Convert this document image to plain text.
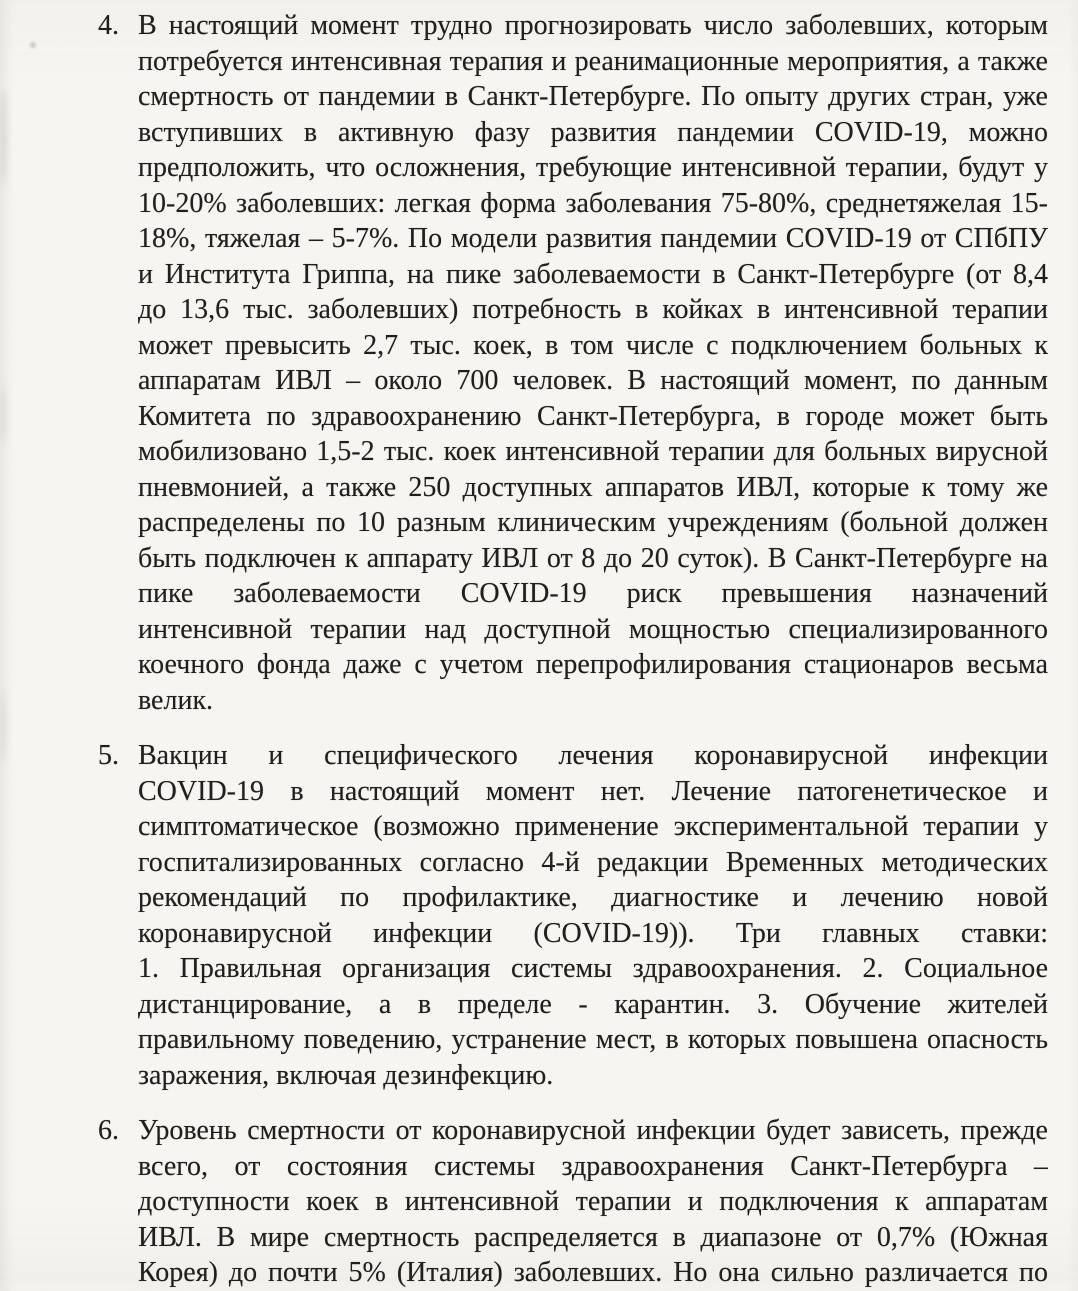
4. В настоящий момент трудно прогнозировать число заболевших, которым
потребуется интенсивная терапия и реанимационные мероприятия, а также
смертность от пандемии в Санкт-Петербурге. По опыту других стран, уже
вступивших в активную фазу развития пандемии COVID-19, можно
предположить, что осложнения, требующие интенсивной терапии, будут у
10-20% заболевших: легкая форма заболевания 75-80%, среднетяжелая 15-
18%, тяжелая – 5-7%. По модели развития пандемии COVID-19 от СПбПУ
и Института Гриппа, на пике заболеваемости в Санкт-Петербурге (от 8,4
до 13,6 тыс. заболевших) потребность в койках в интенсивной терапии
может превысить 2,7 тыс. коек, в том числе с подключением больных к
аппаратам ИВЛ – около 700 человек. В настоящий момент, по данным
Комитета по здравоохранению Санкт-Петербурга, в городе может быть
мобилизовано 1,5-2 тыс. коек интенсивной терапии для больных вирусной
пневмонией, а также 250 доступных аппаратов ИВЛ, которые к тому же
распределены по 10 разным клиническим учреждениям (больной должен
быть подключен к аппарату ИВЛ от 8 до 20 суток). В Санкт-Петербурге на
пике заболеваемости COVID-19 риск превышения назначений
интенсивной терапии над доступной мощностью специализированного
коечного фонда даже с учетом перепрофилирования стационаров весьма
велик.
5. Вакцин и специфического лечения коронавирусной инфекции
COVID-19 в настоящий момент нет. Лечение патогенетическое и
симптоматическое (возможно применение экспериментальной терапии у
госпитализированных согласно 4-й редакции Временных методических
рекомендаций по профилактике, диагностике и лечению новой
коронавирусной инфекции (COVID-19)). Три главных ставки:
1. Правильная организация системы здравоохранения. 2. Социальное
дистанцирование, а в пределе - карантин. 3. Обучение жителей
правильному поведению, устранение мест, в которых повышена опасность
заражения, включая дезинфекцию.
6. Уровень смертности от коронавирусной инфекции будет зависеть, прежде
всего, от состояния системы здравоохранения Санкт-Петербурга –
доступности коек в интенсивной терапии и подключения к аппаратам
ИВЛ. В мире смертность распределяется в диапазоне от 0,7% (Южная
Корея) до почти 5% (Италия) заболевших. Но она сильно различается по
